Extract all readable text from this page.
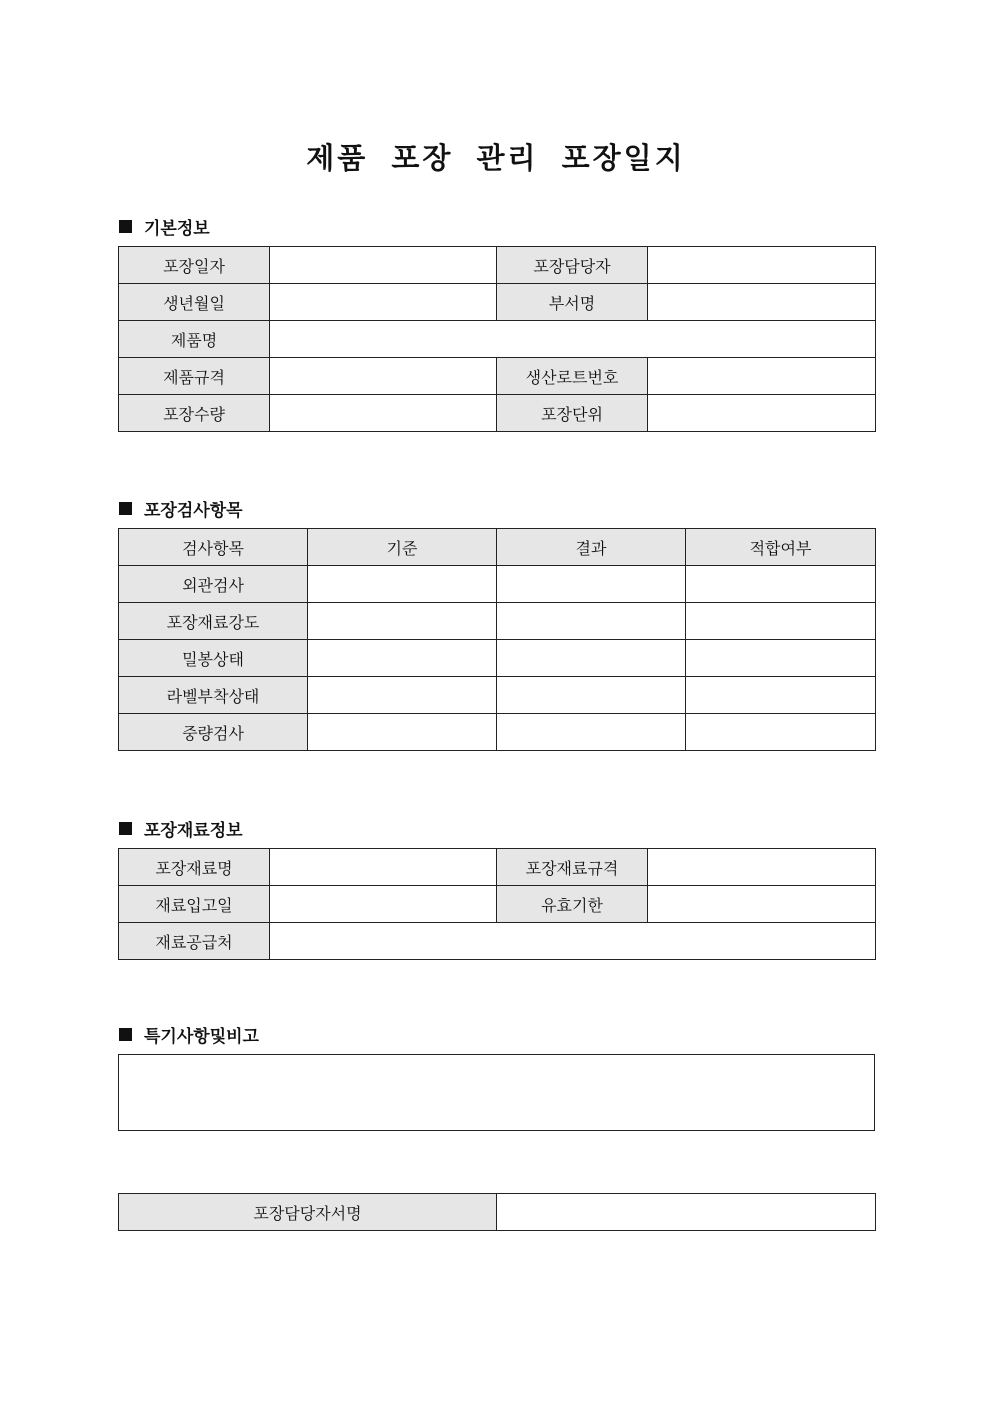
제품 포장 관리 포장일지
기본정보
포장일자		포장담당자	
생년월일		부서명	
제품명			
제품규격		생산로트번호	
포장수량		포장단위	
포장검사항목
검사항목	기준	결과	적합여부
외관검사			
포장재료강도			
밀봉상태			
라벨부착상태			
중량검사			
포장재료정보
포장재료명		포장재료규격	
재료입고일		유효기한	
재료공급처			
특기사항및비고
포장담당자서명	
